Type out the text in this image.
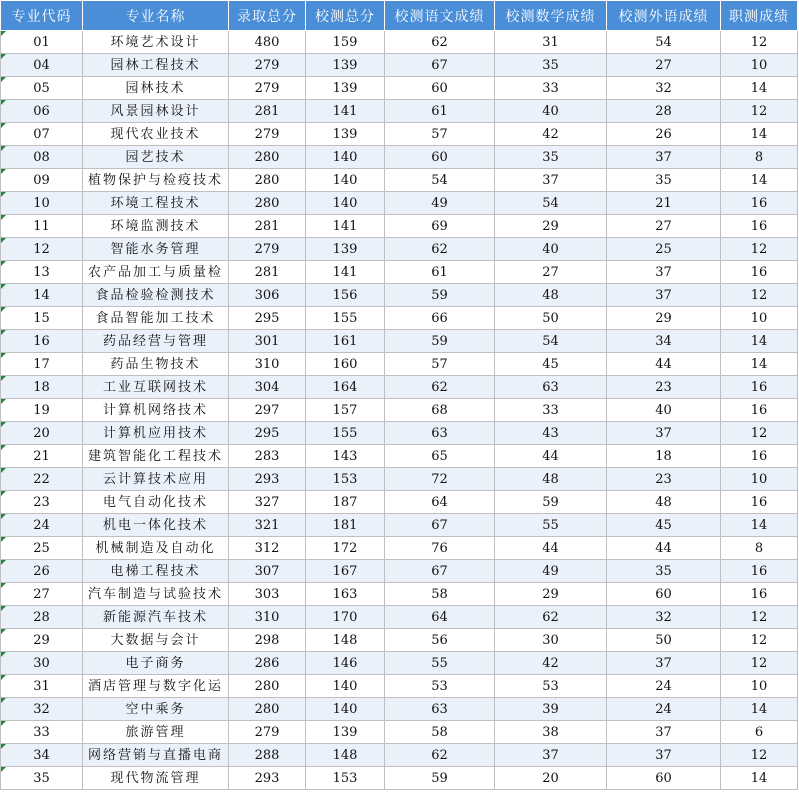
专业代码	专业名称	录取总分	校测总分	校测语文成绩	校测数学成绩	校测外语成绩	职测成绩
01	环境艺术设计	480	159	62	31	54	12
04	园林工程技术	279	139	67	35	27	10
05	园林技术	279	139	60	33	32	14
06	风景园林设计	281	141	61	40	28	12
07	现代农业技术	279	139	57	42	26	14
08	园艺技术	280	140	60	35	37	8
09	植物保护与检疫技术	280	140	54	37	35	14
10	环境工程技术	280	140	49	54	21	16
11	环境监测技术	281	141	69	29	27	16
12	智能水务管理	279	139	62	40	25	12
13	农产品加工与质量检	281	141	61	27	37	16
14	食品检验检测技术	306	156	59	48	37	12
15	食品智能加工技术	295	155	66	50	29	10
16	药品经营与管理	301	161	59	54	34	14
17	药品生物技术	310	160	57	45	44	14
18	工业互联网技术	304	164	62	63	23	16
19	计算机网络技术	297	157	68	33	40	16
20	计算机应用技术	295	155	63	43	37	12
21	建筑智能化工程技术	283	143	65	44	18	16
22	云计算技术应用	293	153	72	48	23	10
23	电气自动化技术	327	187	64	59	48	16
24	机电一体化技术	321	181	67	55	45	14
25	机械制造及自动化	312	172	76	44	44	8
26	电梯工程技术	307	167	67	49	35	16
27	汽车制造与试验技术	303	163	58	29	60	16
28	新能源汽车技术	310	170	64	62	32	12
29	大数据与会计	298	148	56	30	50	12
30	电子商务	286	146	55	42	37	12
31	酒店管理与数字化运	280	140	53	53	24	10
32	空中乘务	280	140	63	39	24	14
33	旅游管理	279	139	58	38	37	6
34	网络营销与直播电商	288	148	62	37	37	12
35	现代物流管理	293	153	59	20	60	14
